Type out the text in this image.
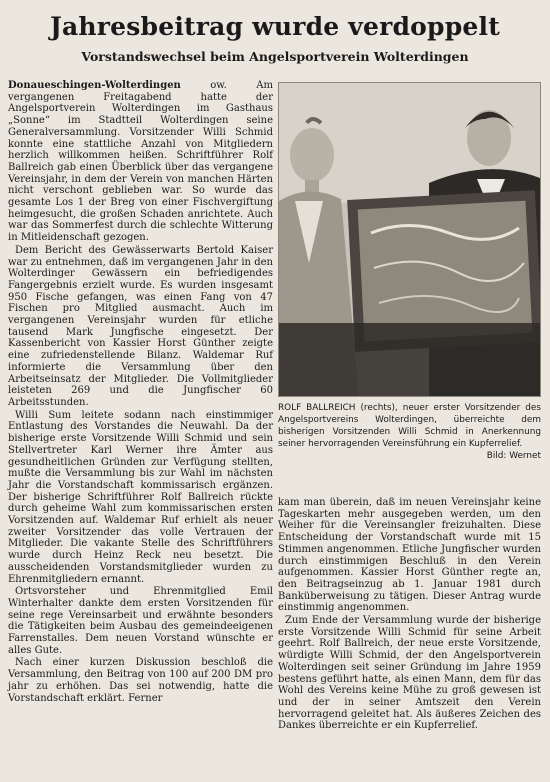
Jahresbeitrag wurde verdoppelt
Vorstandswechsel beim Angelsportverein Wolterdingen

Donaueschingen-Wolterdingen	ow. Am vergangenen Freitagabend hatte der Angelsportverein Wolterdingen im Gasthaus „Sonne“ im Stadtteil Wolterdingen seine Generalversammlung. Vorsitzender Willi Schmid konnte eine stattliche Anzahl von Mitgliedern herzlich willkommen heißen. Schriftführer Rolf Ballreich gab einen Überblick über das vergangene Vereinsjahr, in dem der Verein von manchen Härten nicht verschont geblieben war. So wurde das gesamte Los 1 der Breg von einer Fischvergiftung heimgesucht, die großen Schaden anrichtete. Auch war das Sommerfest durch die schlechte Witterung in Mitleidenschaft gezogen.

Dem Bericht des Gewässerwarts Bertold Kaiser war zu entnehmen, daß im vergangenen Jahr in den Wolterdinger Gewässern ein befriedigendes Fangergebnis erzielt wurde. Es wurden insgesamt 950 Fische gefangen, was einen Fang von 47 Fischen pro Mitglied ausmacht. Auch im vergangenen Vereinsjahr wurden für etliche tausend Mark Jungfische eingesetzt. Der Kassenbericht von Kassier Horst Günther zeigte eine zufriedenstellende Bilanz. Waldemar Ruf informierte die Versammlung über den Arbeitseinsatz der Mitglieder. Die Vollmitglieder leisteten 269 und die Jungfischer 60 Arbeitsstunden.

Willi Sum leitete sodann nach einstimmiger Entlastung des Vorstandes die Neuwahl. Da der bisherige erste Vorsitzende Willi Schmid und sein Stellvertreter Karl Werner ihre Ämter aus gesundheitlichen Gründen zur Verfügung stellten, mußte die Versammlung bis zur Wahl im nächsten Jahr die Vorstandschaft kommissarisch ergänzen. Der bisherige Schriftführer Rolf Ballreich rückte durch geheime Wahl zum kommissarischen ersten Vorsitzenden auf. Waldemar Ruf erhielt als neuer zweiter Vorsitzender das volle Vertrauen der Mitglieder. Die vakante Stelle des Schriftführers wurde durch Heinz Reck neu besetzt. Die ausscheidenden Vorstandsmitglieder wurden zu Ehrenmitgliedern ernannt.

Ortsvorsteher und Ehrenmitglied Emil Winterhalter dankte dem ersten Vorsitzenden für seine rege Vereinsarbeit und erwähnte besonders die Tätigkeiten beim Ausbau des gemeindeeigenen Farrenstalles. Dem neuen Vorstand wünschte er alles Gute.

Nach einer kurzen Diskussion beschloß die Versammlung, den Beitrag von 100 auf 200 DM pro jahr zu erhöhen. Das sei notwendig, hatte die Vorstandschaft erklärt. Ferner

ROLF BALLREICH (rechts), neuer erster Vorsitzender des Angelsportvereins Wolterdingen, überreichte dem bisherigen Vorsitzenden Willi Schmid in Anerkennung seiner hervorragenden Vereinsführung ein Kupferrelief.
Bild: Wernet

kam man überein, daß im neuen Vereinsjahr keine Tageskarten mehr ausgegeben werden, um den Weiher für die Vereinsangler freizuhalten. Diese Entscheidung der Vorstandschaft wurde mit 15 Stimmen angenommen. Etliche Jungfischer wurden durch einstimmigen Beschluß in den Verein aufgenommen. Kassier Horst Günther regte an, den Beitragseinzug ab 1. Januar 1981 durch Banküberweisung zu tätigen. Dieser Antrag wurde einstimmig angenommen.

Zum Ende der Versammlung wurde der bisherige erste Vorsitzende Willi Schmid für seine Arbeit geehrt. Rolf Ballreich, der neue erste Vorsitzende, würdigte Willi Schmid, der den Angelsportverein Wolterdingen seit seiner Gründung im Jahre 1959 bestens geführt hatte, als einen Mann, dem für das Wohl des Vereins keine Mühe zu groß gewesen ist und der in seiner Amtszeit den Verein hervorragend geleitet hat. Als äußeres Zeichen des Dankes überreichte er ein Kupferrelief.
